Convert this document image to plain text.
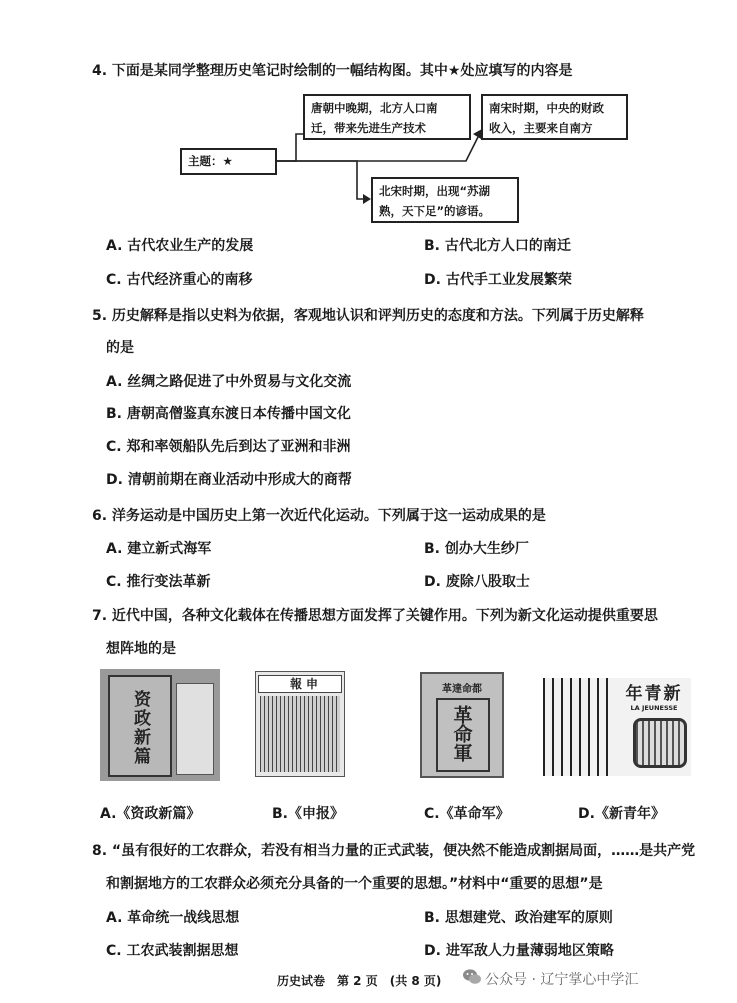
4. 下面是某同学整理历史笔记时绘制的一幅结构图。其中★处应填写的内容是
主题：★
唐朝中晚期，北方人口南
迁，带来先进生产技术
南宋时期，中央的财政
收入，主要来自南方
北宋时期，出现“苏湖
熟，天下足”的谚语。
A. 古代农业生产的发展	B. 古代北方人口的南迁
C. 古代经济重心的南移	D. 古代手工业发展繁荣
5. 历史解释是指以史料为依据，客观地认识和评判历史的态度和方法。下列属于历史解释
的是
A. 丝绸之路促进了中外贸易与文化交流
B. 唐朝高僧鉴真东渡日本传播中国文化
C. 郑和率领船队先后到达了亚洲和非洲
D. 清朝前期在商业活动中形成大的商帮
6. 洋务运动是中国历史上第一次近代化运动。下列属于这一运动成果的是
A. 建立新式海军	B. 创办大生纱厂
C. 推行变法革新	D. 废除八股取士
7. 近代中国，各种文化载体在传播思想方面发挥了关键作用。下列为新文化运动提供重要思
想阵地的是
资政新篇
報申	革達命都
革命軍
年青新
LA JEUNESSE
A.《资政新篇》	B.《申报》	C.《革命军》	D.《新青年》
8. “虽有很好的工农群众，若没有相当力量的正式武装，便决然不能造成割据局面，……是共产党
和割据地方的工农群众必须充分具备的一个重要的思想。”材料中“重要的思想”是
A. 革命统一战线思想	B. 思想建党、政治建军的原则
C. 工农武装割据思想	D. 进军敌人力量薄弱地区策略
历史试卷　第 2 页　(共 8 页)	公众号 · 辽宁掌心中学汇
